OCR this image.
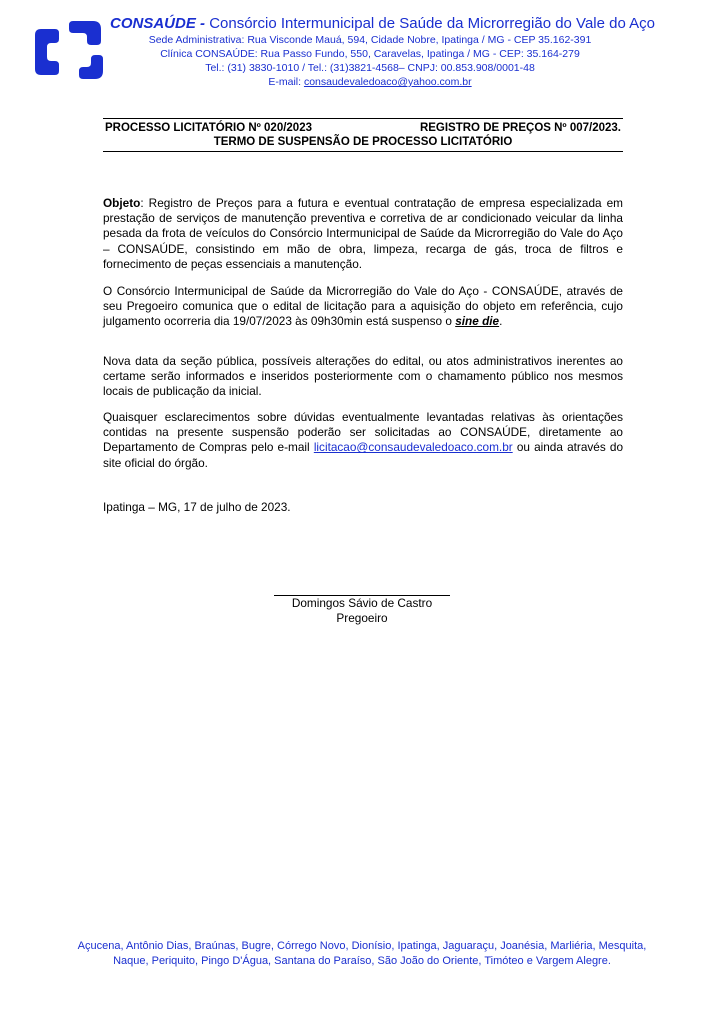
CONSAÚDE - Consórcio Intermunicipal de Saúde da Microrregião do Vale do Aço
Sede Administrativa: Rua Visconde Mauá, 594, Cidade Nobre, Ipatinga / MG - CEP 35.162-391
Clínica CONSAÚDE: Rua Passo Fundo, 550, Caravelas, Ipatinga / MG - CEP: 35.164-279
Tel.: (31) 3830-1010 / Tel.: (31)3821-4568– CNPJ: 00.853.908/0001-48
E-mail: consaudevaledoaco@yahoo.com.br
PROCESSO LICITATÓRIO Nº 020/2023	REGISTRO DE PREÇOS Nº 007/2023.
TERMO DE SUSPENSÃO DE PROCESSO LICITATÓRIO

Objeto: Registro de Preços para a futura e eventual contratação de empresa especializada em prestação de serviços de manutenção preventiva e corretiva de ar condicionado veicular da linha pesada da frota de veículos do Consórcio Intermunicipal de Saúde da Microrregião do Vale do Aço – CONSAÚDE, consistindo em mão de obra, limpeza, recarga de gás, troca de filtros e fornecimento de peças essenciais a manutenção.

O Consórcio Intermunicipal de Saúde da Microrregião do Vale do Aço - CONSAÚDE, através de seu Pregoeiro comunica que o edital de licitação para a aquisição do objeto em referência, cujo julgamento ocorreria dia 19/07/2023 às 09h30min está suspenso o sine die.

Nova data da seção pública, possíveis alterações do edital, ou atos administrativos inerentes ao certame serão informados e inseridos posteriormente com o chamamento público nos mesmos locais de publicação da inicial.

Quaisquer esclarecimentos sobre dúvidas eventualmente levantadas relativas às orientações contidas na presente suspensão poderão ser solicitadas ao CONSAÚDE, diretamente ao Departamento de Compras pelo e-mail licitacao@consaudevaledoaco.com.br ou ainda através do site oficial do órgão.

Ipatinga – MG, 17 de julho de 2023.

Domingos Sávio de Castro
Pregoeiro
Açucena, Antônio Dias, Braúnas, Bugre, Córrego Novo, Dionísio, Ipatinga, Jaguaraçu, Joanésia, Marliéria, Mesquita,
Naque, Periquito, Pingo D'Água, Santana do Paraíso, São João do Oriente, Timóteo e Vargem Alegre.
